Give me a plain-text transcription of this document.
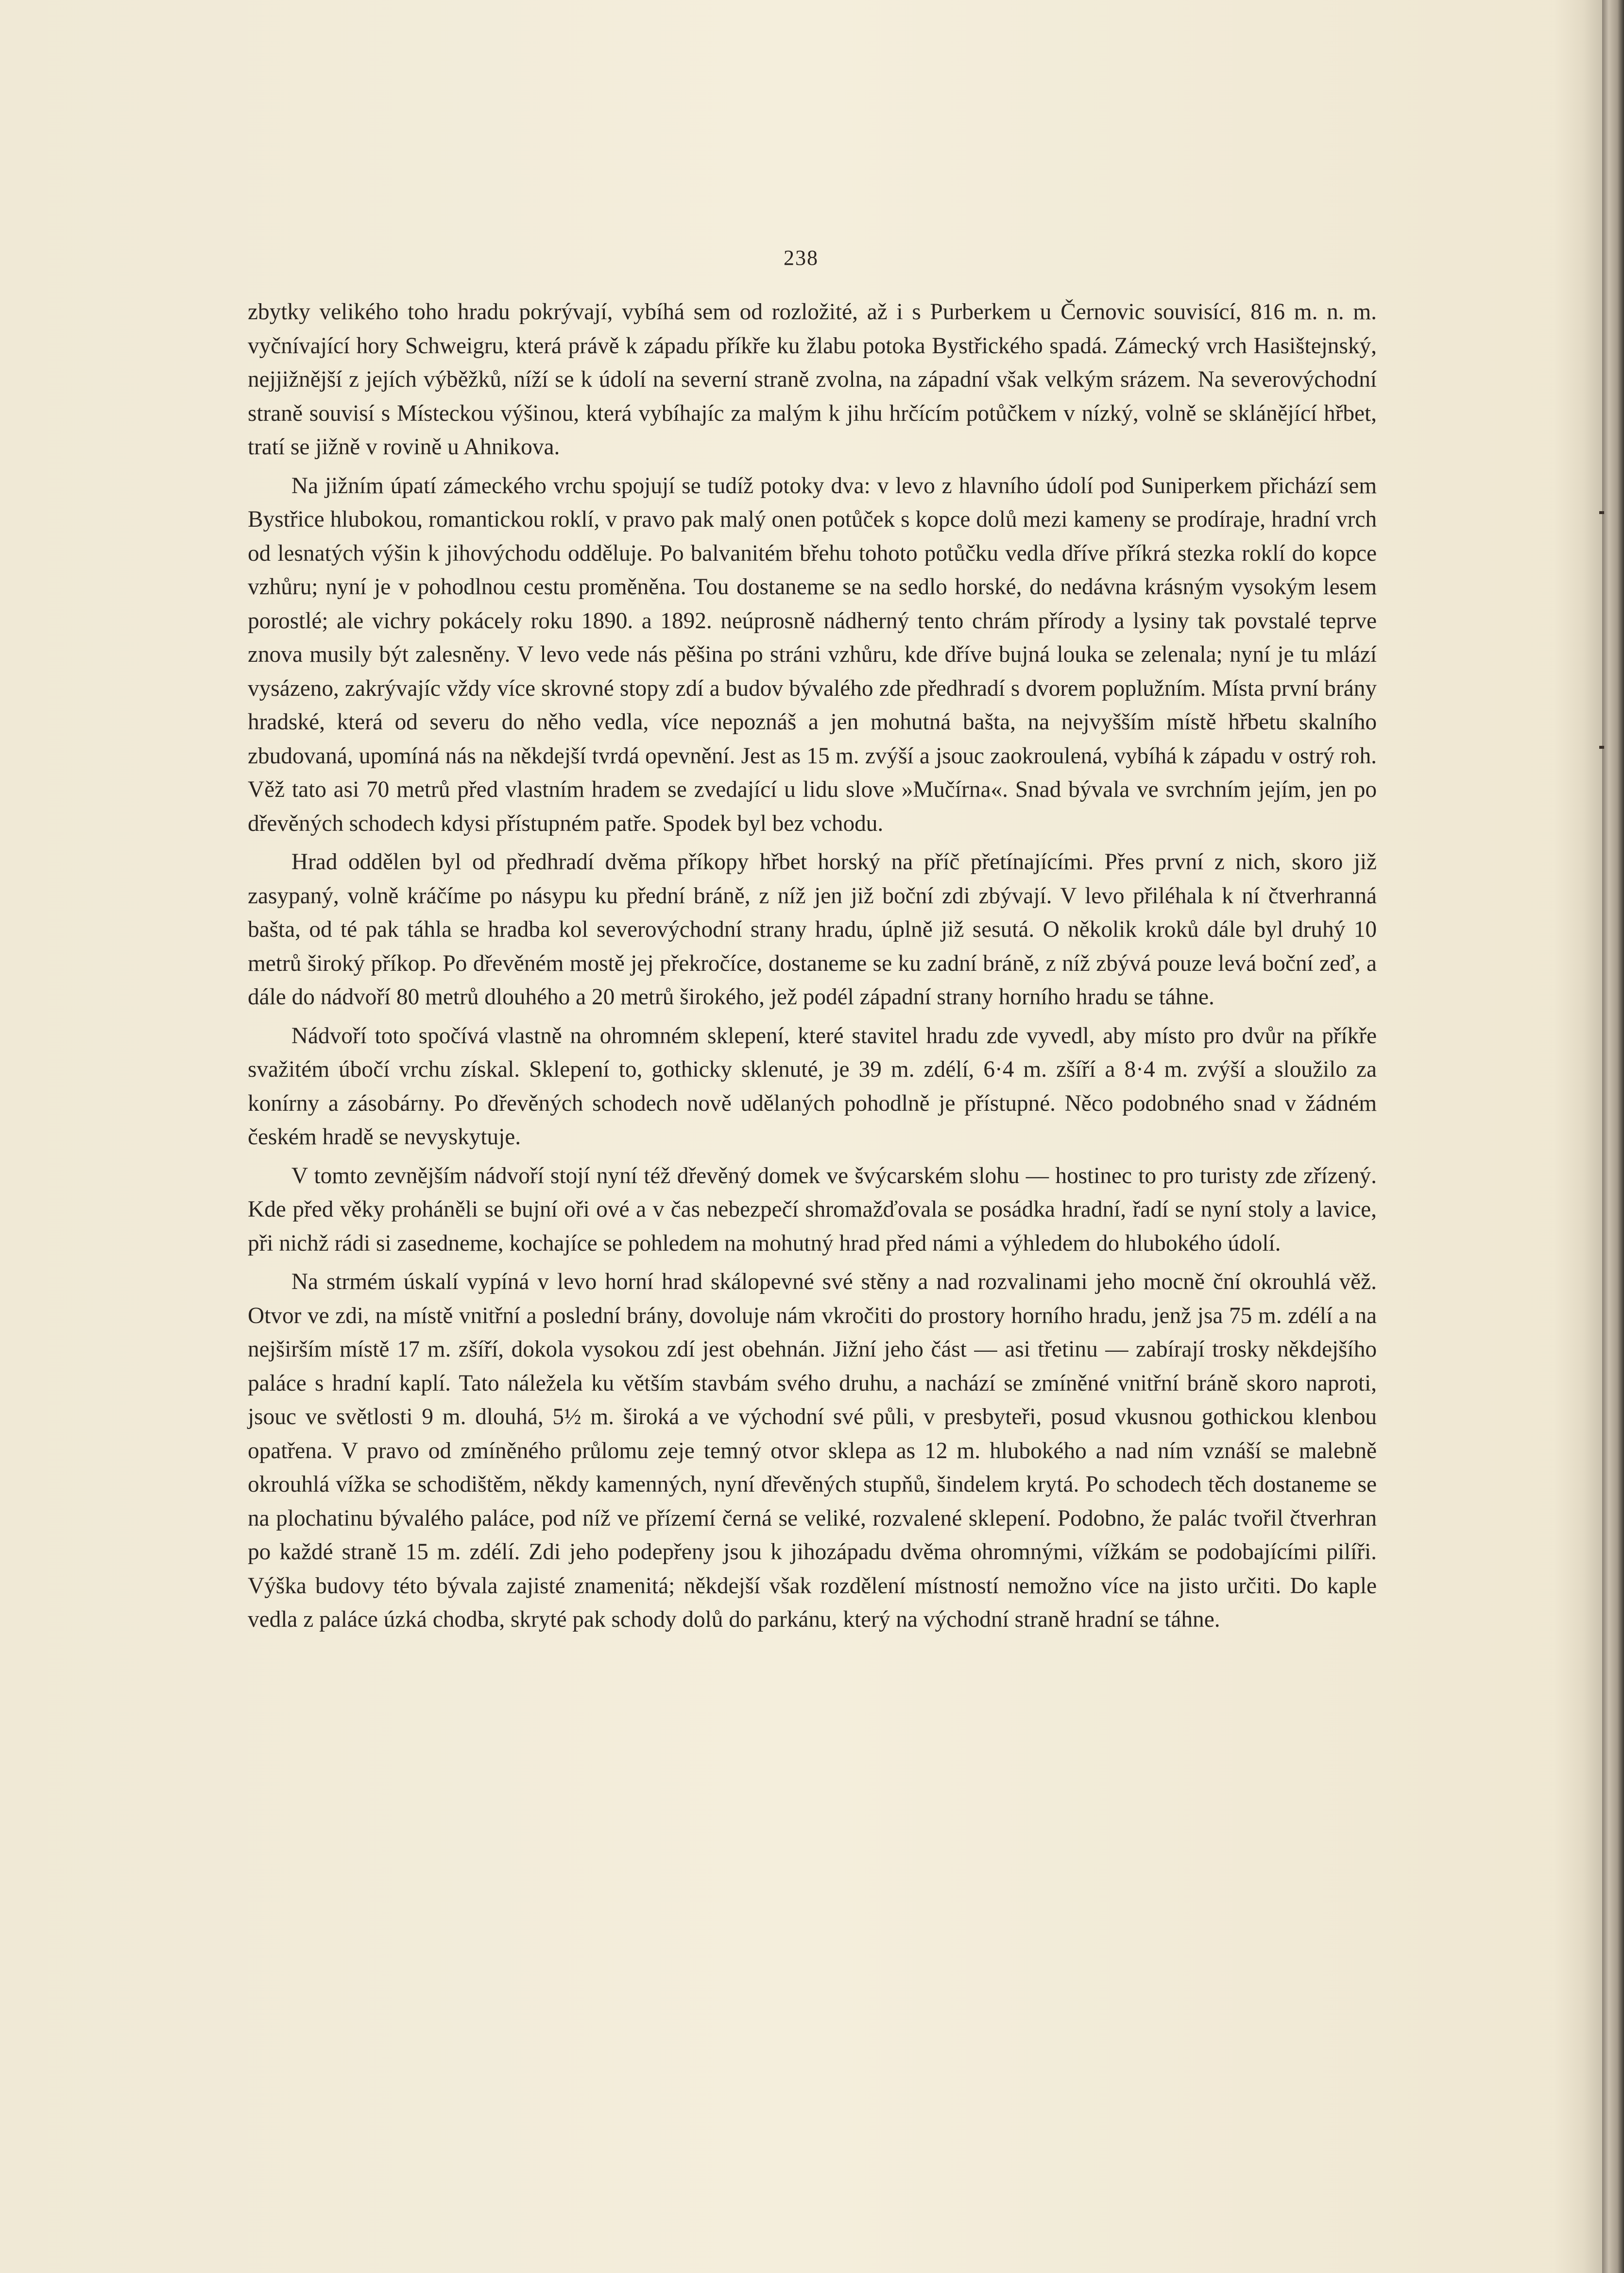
238

zbytky velikého toho hradu pokrývají, vybíhá sem od rozložité, až i s Purberkem u Černovic souvisící, 816 m. n. m. vyčnívající hory Schweigru, která právě k západu příkře ku žlabu potoka Bystřického spadá. Zámecký vrch Hasištejnský, nejjižnější z jejích výběžků, níží se k údolí na severní straně zvolna, na západní však velkým srázem. Na severovýchodní straně souvisí s Místeckou výšinou, která vybíhajíc za malým k jihu hrčícím potůčkem v nízký, volně se sklánějící hřbet, tratí se jižně v rovině u Ahnikova.

Na jižním úpatí zámeckého vrchu spojují se tudíž potoky dva: v levo z hlavního údolí pod Suniperkem přichází sem Bystřice hlubokou, romantickou roklí, v pravo pak malý onen potůček s kopce dolů mezi kameny se prodíraje, hradní vrch od lesnatých výšin k jihovýchodu odděluje. Po balvanitém břehu tohoto potůčku vedla dříve příkrá stezka roklí do kopce vzhůru; nyní je v pohodlnou cestu proměněna. Tou dostaneme se na sedlo horské, do nedávna krásným vysokým lesem porostlé; ale vichry pokácely roku 1890. a 1892. neúprosně nádherný tento chrám přírody a lysiny tak povstalé teprve znova musily být zalesněny. V levo vede nás pěšina po stráni vzhůru, kde dříve bujná louka se zelenala; nyní je tu mlází vysázeno, zakrývajíc vždy více skrovné stopy zdí a budov bývalého zde předhradí s dvorem poplužním. Místa první brány hradské, která od severu do něho vedla, více nepoznáš a jen mohutná bašta, na nejvyšším místě hřbetu skalního zbudovaná, upomíná nás na někdejší tvrdá opevnění. Jest as 15 m. zvýší a jsouc zaokroulená, vybíhá k západu v ostrý roh. Věž tato asi 70 metrů před vlastním hradem se zvedající u lidu slove »Mučírna«. Snad bývala ve svrchním jejím, jen po dřevěných schodech kdysi přístupném patře. Spodek byl bez vchodu.

Hrad oddělen byl od předhradí dvěma příkopy hřbet horský na příč přetínajícími. Přes první z nich, skoro již zasypaný, volně kráčíme po násypu ku přední bráně, z níž jen již boční zdi zbývají. V levo přiléhala k ní čtverhranná bašta, od té pak táhla se hradba kol severovýchodní strany hradu, úplně již sesutá. O několik kroků dále byl druhý 10 metrů široký příkop. Po dřevěném mostě jej překročíce, dostaneme se ku zadní bráně, z níž zbývá pouze levá boční zeď, a dále do nádvoří 80 metrů dlouhého a 20 metrů širokého, jež podél západní strany horního hradu se táhne.

Nádvoří toto spočívá vlastně na ohromném sklepení, které stavitel hradu zde vyvedl, aby místo pro dvůr na příkře svažitém úbočí vrchu získal. Sklepení to, gothicky sklenuté, je 39 m. zdélí, 6·4 m. zšíří a 8·4 m. zvýší a sloužilo za konírny a zásobárny. Po dřevěných schodech nově udělaných pohodlně je přístupné. Něco podobného snad v žádném českém hradě se nevyskytuje.

V tomto zevnějším nádvoří stojí nyní též dřevěný domek ve švýcarském slohu — hostinec to pro turisty zde zřízený. Kde před věky proháněli se bujní oři ové a v čas nebezpečí shromažďovala se posádka hradní, řadí se nyní stoly a lavice, při nichž rádi si zasedneme, kochajíce se pohledem na mohutný hrad před námi a výhledem do hlubokého údolí.

Na strmém úskalí vypíná v levo horní hrad skálopevné své stěny a nad rozvalinami jeho mocně ční okrouhlá věž. Otvor ve zdi, na místě vnitřní a poslední brány, dovoluje nám vkročiti do prostory horního hradu, jenž jsa 75 m. zdélí a na nejširším místě 17 m. zšíří, dokola vysokou zdí jest obehnán. Jižní jeho část — asi třetinu — zabírají trosky někdejšího paláce s hradní kaplí. Tato náležela ku větším stavbám svého druhu, a nachází se zmíněné vnitřní bráně skoro naproti, jsouc ve světlosti 9 m. dlouhá, 5½ m. široká a ve východní své půli, v presbyteři, posud vkusnou gothickou klenbou opatřena. V pravo od zmíněného průlomu zeje temný otvor sklepa as 12 m. hlubokého a nad ním vznáší se malebně okrouhlá vížka se schodištěm, někdy kamenných, nyní dřevěných stupňů, šindelem krytá. Po schodech těch dostaneme se na plochatinu bývalého paláce, pod níž ve přízemí černá se veliké, rozvalené sklepení. Podobno, že palác tvořil čtverhran po každé straně 15 m. zdélí. Zdi jeho podepřeny jsou k jihozápadu dvěma ohromnými, vížkám se podobajícími pilíři. Výška budovy této bývala zajisté znamenitá; někdejší však rozdělení místností nemožno více na jisto určiti. Do kaple vedla z paláce úzká chodba, skryté pak schody dolů do parkánu, který na východní straně hradní se táhne.
